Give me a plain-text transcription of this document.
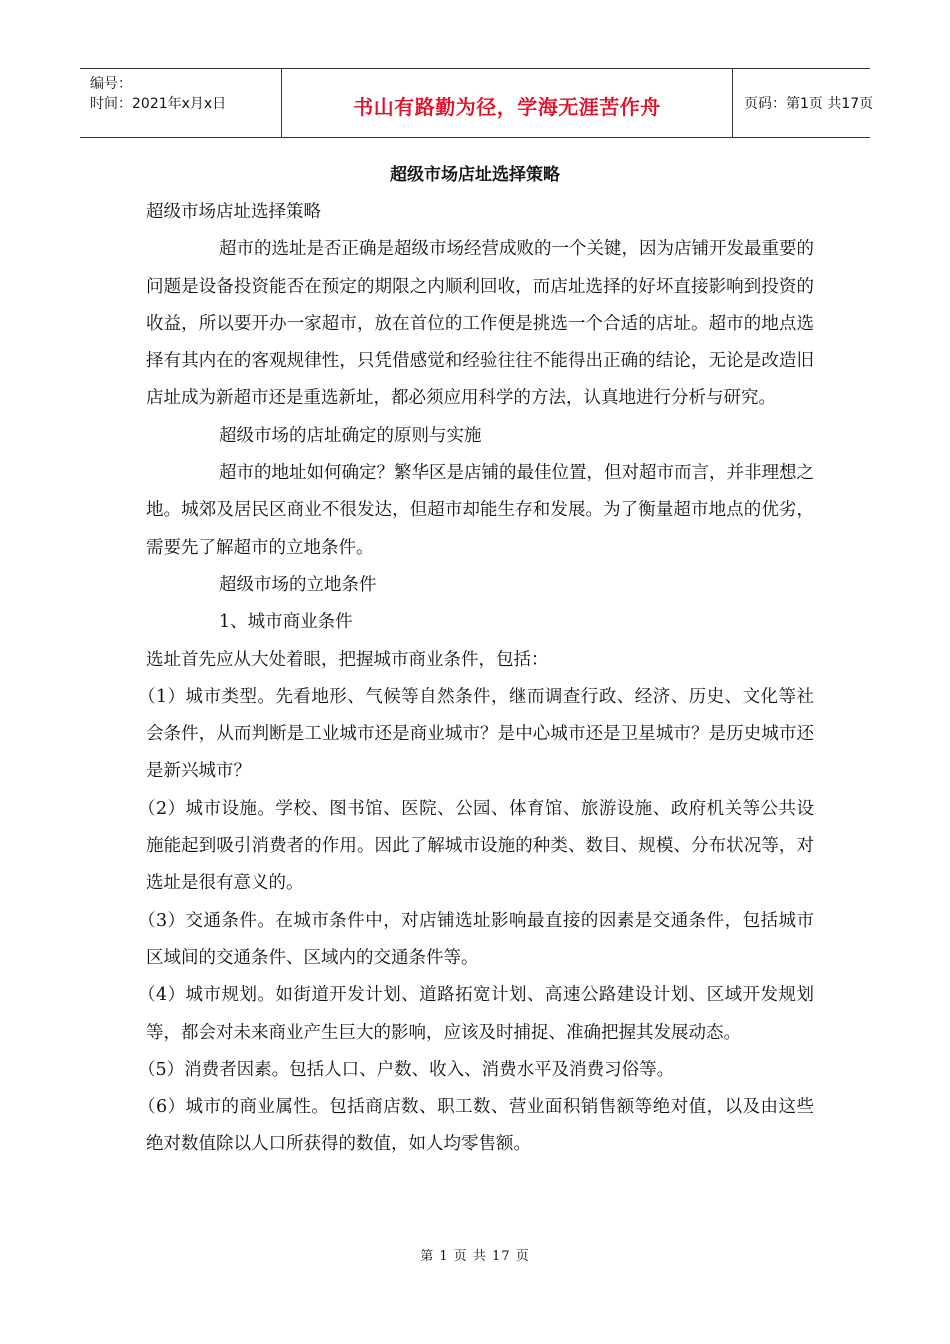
编号：
时间：2021年x月x日	书山有路勤为径，学海无涯苦作舟	页码：第1页 共17页
超级市场店址选择策略

超级市场店址选择策略

超市的选址是否正确是超级市场经营成败的一个关键，因为店铺开发最重要的问题是设备投资能否在预定的期限之内顺利回收，而店址选择的好坏直接影响到投资的收益，所以要开办一家超市，放在首位的工作便是挑选一个合适的店址。超市的地点选择有其内在的客观规律性，只凭借感觉和经验往往不能得出正确的结论，无论是改造旧店址成为新超市还是重选新址，都必须应用科学的方法，认真地进行分析与研究。

超级市场的店址确定的原则与实施

超市的地址如何确定？繁华区是店铺的最佳位置，但对超市而言，并非理想之地。城郊及居民区商业不很发达，但超市却能生存和发展。为了衡量超市地点的优劣，需要先了解超市的立地条件。

超级市场的立地条件

1、城市商业条件

选址首先应从大处着眼，把握城市商业条件，包括：

（1）城市类型。先看地形、气候等自然条件，继而调查行政、经济、历史、文化等社会条件，从而判断是工业城市还是商业城市？是中心城市还是卫星城市？是历史城市还是新兴城市？

（2）城市设施。学校、图书馆、医院、公园、体育馆、旅游设施、政府机关等公共设施能起到吸引消费者的作用。因此了解城市设施的种类、数目、规模、分布状况等，对选址是很有意义的。

（3）交通条件。在城市条件中，对店铺选址影响最直接的因素是交通条件，包括城市区域间的交通条件、区域内的交通条件等。

（4）城市规划。如街道开发计划、道路拓宽计划、高速公路建设计划、区域开发规划等，都会对未来商业产生巨大的影响，应该及时捕捉、准确把握其发展动态。

（5）消费者因素。包括人口、户数、收入、消费水平及消费习俗等。

（6）城市的商业属性。包括商店数、职工数、营业面积销售额等绝对值，以及由这些绝对数值除以人口所获得的数值，如人均零售额。

第 1 页 共 17 页
